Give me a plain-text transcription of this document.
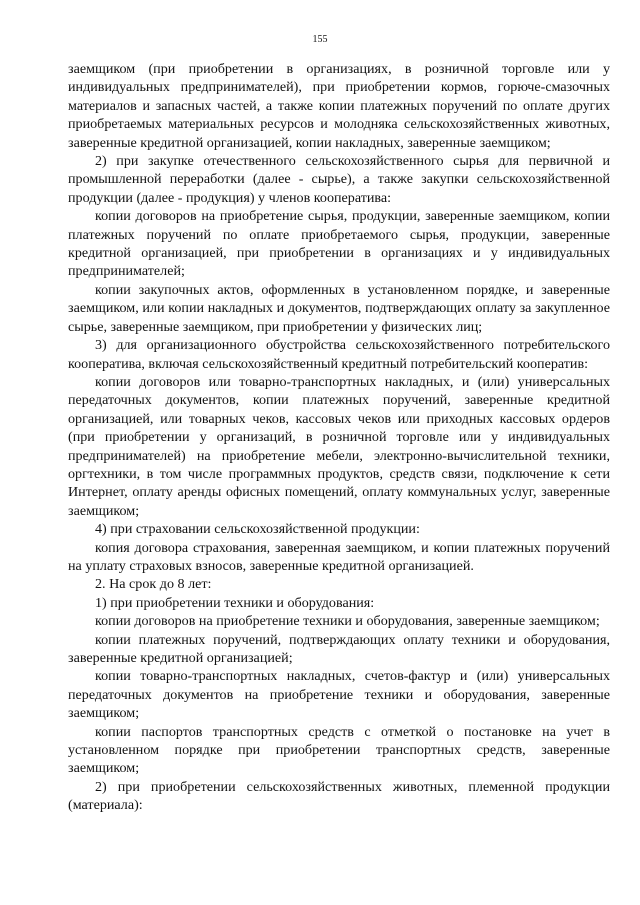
155

заемщиком (при приобретении в организациях, в розничной торговле или у индивидуальных предпринимателей), при приобретении кормов, горюче-смазочных материалов и запасных частей, а также копии платежных поручений по оплате других приобретаемых материальных ресурсов и молодняка сельскохозяйственных животных, заверенные кредитной организацией, копии накладных, заверенные заемщиком;

2) при закупке отечественного сельскохозяйственного сырья для первичной и промышленной переработки (далее - сырье), а также закупки сельскохозяйственной продукции (далее - продукция) у членов кооператива:

копии договоров на приобретение сырья, продукции, заверенные заемщиком, копии платежных поручений по оплате приобретаемого сырья, продукции, заверенные кредитной организацией, при приобретении в организациях и у индивидуальных предпринимателей;

копии закупочных актов, оформленных в установленном порядке, и заверенные заемщиком, или копии накладных и документов, подтверждающих оплату за закупленное сырье, заверенные заемщиком, при приобретении у физических лиц;

3) для организационного обустройства сельскохозяйственного потребительского кооператива, включая сельскохозяйственный кредитный потребительский кооператив:

копии договоров или товарно-транспортных накладных, и (или) универсальных передаточных документов, копии платежных поручений, заверенные кредитной организацией, или товарных чеков, кассовых чеков или приходных кассовых ордеров (при приобретении у организаций, в розничной торговле или у индивидуальных предпринимателей) на приобретение мебели, электронно-вычислительной техники, оргтехники, в том числе программных продуктов, средств связи, подключение к сети Интернет, оплату аренды офисных помещений, оплату коммунальных услуг, заверенные заемщиком;

4) при страховании сельскохозяйственной продукции:

копия договора страхования, заверенная заемщиком, и копии платежных поручений на уплату страховых взносов, заверенные кредитной организацией.

2. На срок до 8 лет:

1) при приобретении техники и оборудования:

копии договоров на приобретение техники и оборудования, заверенные заемщиком;

копии платежных поручений, подтверждающих оплату техники и оборудования, заверенные кредитной организацией;

копии товарно-транспортных накладных, счетов-фактур и (или) универсальных передаточных документов на приобретение техники и оборудования, заверенные заемщиком;

копии паспортов транспортных средств с отметкой о постановке на учет в установленном порядке при приобретении транспортных средств, заверенные заемщиком;

2) при приобретении сельскохозяйственных животных, племенной продукции (материала):
